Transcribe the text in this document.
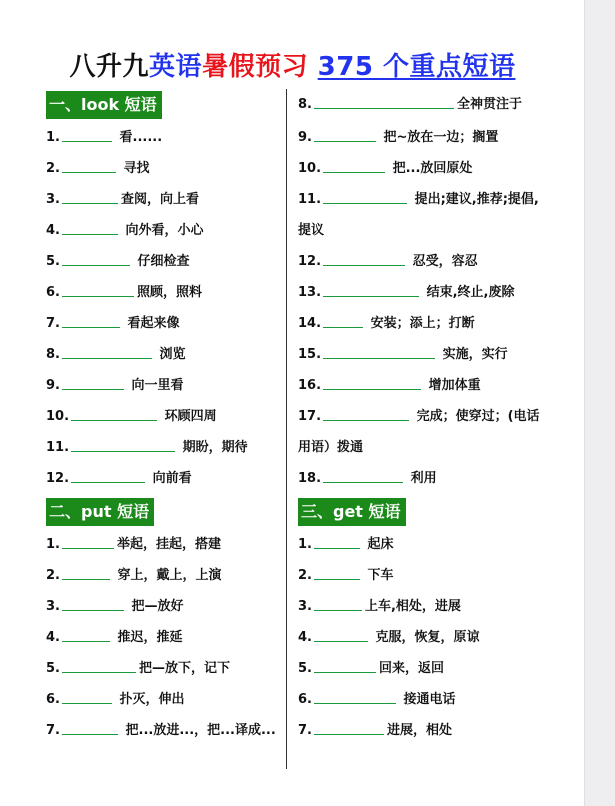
八升九英语暑假预习 375 个重点短语
一、look 短语
1.	看......
2.	寻找
3.	查阅，向上看
4.	向外看，小心
5.	仔细检查
6.	照顾，照料
7.	看起来像
8.	浏览
9.	向一里看
10.	环顾四周
11.	期盼，期待
12.	向前看
二、put 短语
1.	举起，挂起，搭建
2.	穿上，戴上，上演
3.	把—放好
4.	推迟，推延
5.	把—放下，记下
6.	扑灭，伸出
7.	把...放进...，把...译成...
8.	全神贯注于
9.	把~放在一边；搁置
10.	把...放回原处
11.	提出;建议,推荐;提倡,提议
12.	忍受，容忍
13.	结束,终止,废除
14.	安装；添上；打断
15.	实施，实行
16.	增加体重
17.	完成；使穿过；(电话用语）拨通
18.	利用
三、get 短语
1.	起床
2.	下车
3.	上车,相处，进展
4.	克服，恢复，原谅
5.	回来，返回
6.	接通电话
7.	进展，相处
